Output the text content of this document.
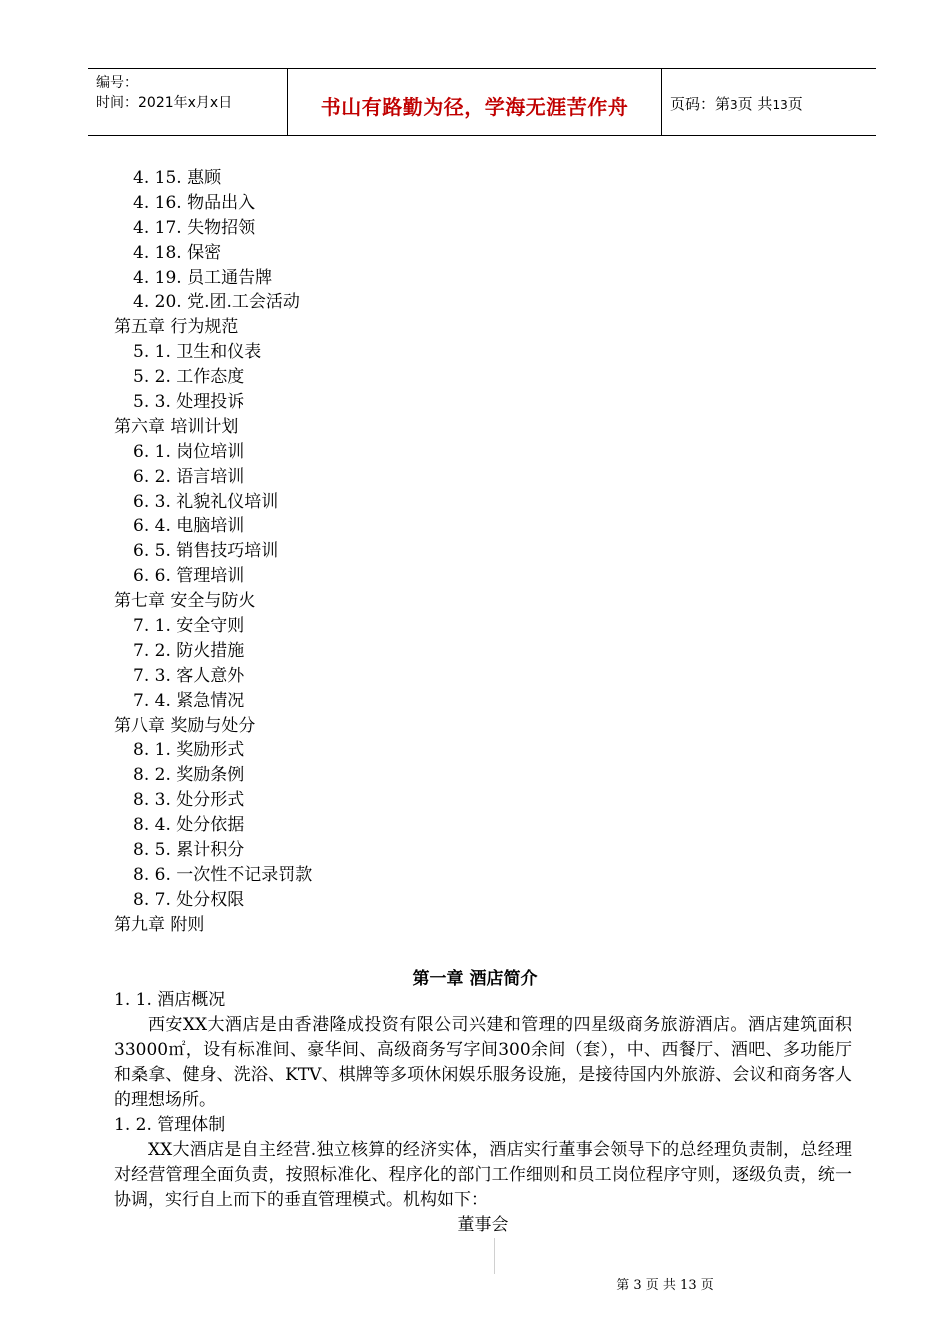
编号：
时间：2021年x月x日	书山有路勤为径，学海无涯苦作舟	页码：第3页 共13页
4. 15. 惠顾
4. 16. 物品出入
4. 17. 失物招领
4. 18. 保密
4. 19. 员工通告牌
4. 20. 党.团.工会活动
第五章 行为规范
5. 1. 卫生和仪表
5. 2. 工作态度
5. 3. 处理投诉
第六章 培训计划
6. 1. 岗位培训
6. 2. 语言培训
6. 3. 礼貌礼仪培训
6. 4. 电脑培训
6. 5. 销售技巧培训
6. 6. 管理培训
第七章 安全与防火
7. 1. 安全守则
7. 2. 防火措施
7. 3. 客人意外
7. 4. 紧急情况
第八章 奖励与处分
8. 1. 奖励形式
8. 2. 奖励条例
8. 3. 处分形式
8. 4. 处分依据
8. 5. 累计积分
8. 6. 一次性不记录罚款
8. 7. 处分权限
第九章 附则
第一章 酒店简介

1. 1. 酒店概况

西安XX大酒店是由香港隆成投资有限公司兴建和管理的四星级商务旅游酒店。酒店建筑面积33000㎡，设有标准间、豪华间、高级商务写字间300余间（套），中、西餐厅、酒吧、多功能厅和桑拿、健身、洗浴、KTV、棋牌等多项休闲娱乐服务设施，是接待国内外旅游、会议和商务客人的理想场所。

1. 2. 管理体制

XX大酒店是自主经营.独立核算的经济实体，酒店实行董事会领导下的总经理负责制，总经理对经营管理全面负责，按照标准化、程序化的部门工作细则和员工岗位程序守则，逐级负责，统一协调，实行自上而下的垂直管理模式。机构如下：

董事会

第 3 页 共 13 页
